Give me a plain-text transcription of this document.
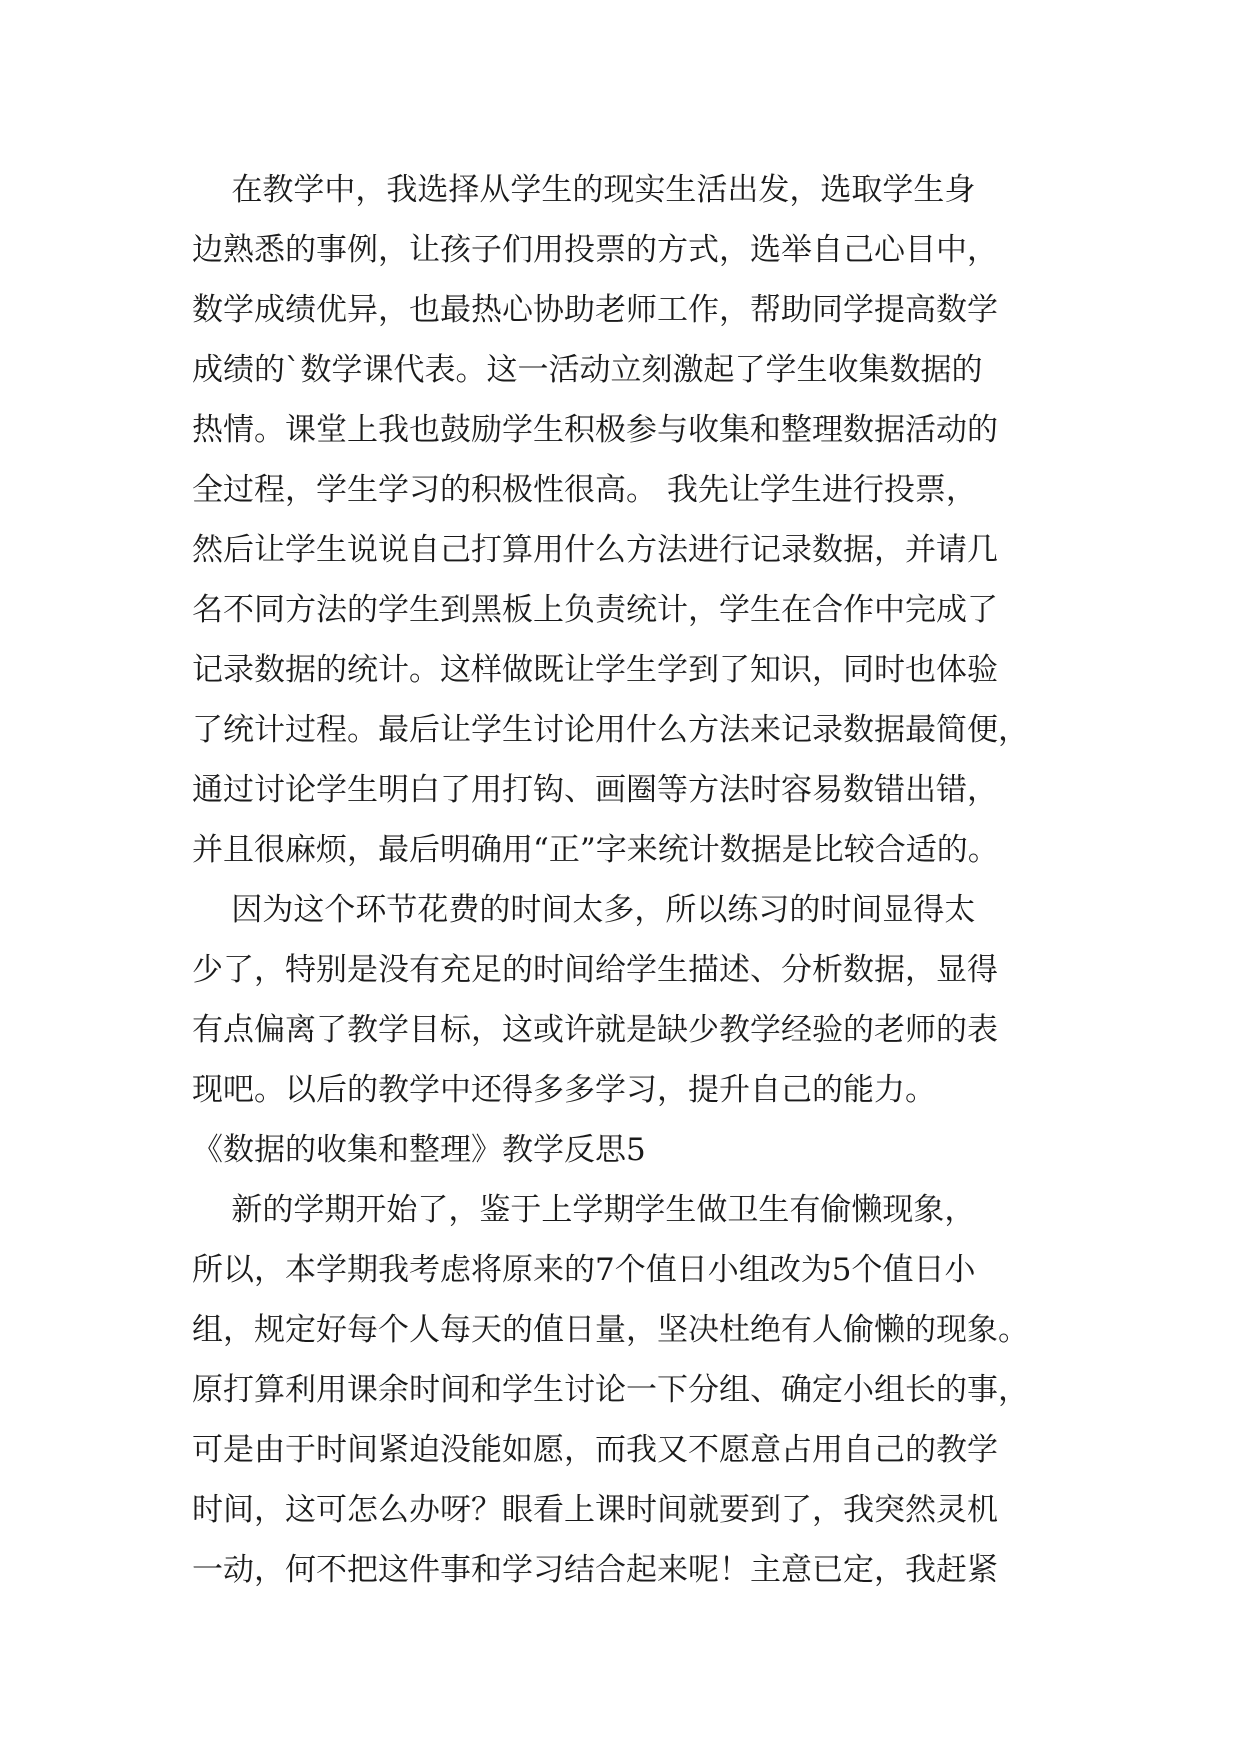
在教学中，我选择从学生的现实生活出发，选取学生身
边熟悉的事例，让孩子们用投票的方式，选举自己心目中，
数学成绩优异，也最热心协助老师工作，帮助同学提高数学
成绩的`数学课代表。这一活动立刻激起了学生收集数据的
热情。课堂上我也鼓励学生积极参与收集和整理数据活动的
全过程，学生学习的积极性很高。 我先让学生进行投票，
然后让学生说说自己打算用什么方法进行记录数据，并请几
名不同方法的学生到黑板上负责统计，学生在合作中完成了
记录数据的统计。这样做既让学生学到了知识，同时也体验
了统计过程。最后让学生讨论用什么方法来记录数据最简便，
通过讨论学生明白了用打钩、画圈等方法时容易数错出错，
并且很麻烦，最后明确用“正”字来统计数据是比较合适的。
因为这个环节花费的时间太多，所以练习的时间显得太
少了，特别是没有充足的时间给学生描述、分析数据，显得
有点偏离了教学目标，这或许就是缺少教学经验的老师的表
现吧。以后的教学中还得多多学习，提升自己的能力。
《数据的收集和整理》教学反思5
新的学期开始了，鉴于上学期学生做卫生有偷懒现象，
所以，本学期我考虑将原来的7个值日小组改为5个值日小
组，规定好每个人每天的值日量，坚决杜绝有人偷懒的现象。
原打算利用课余时间和学生讨论一下分组、确定小组长的事，
可是由于时间紧迫没能如愿，而我又不愿意占用自己的教学
时间，这可怎么办呀？眼看上课时间就要到了，我突然灵机
一动，何不把这件事和学习结合起来呢！主意已定，我赶紧
